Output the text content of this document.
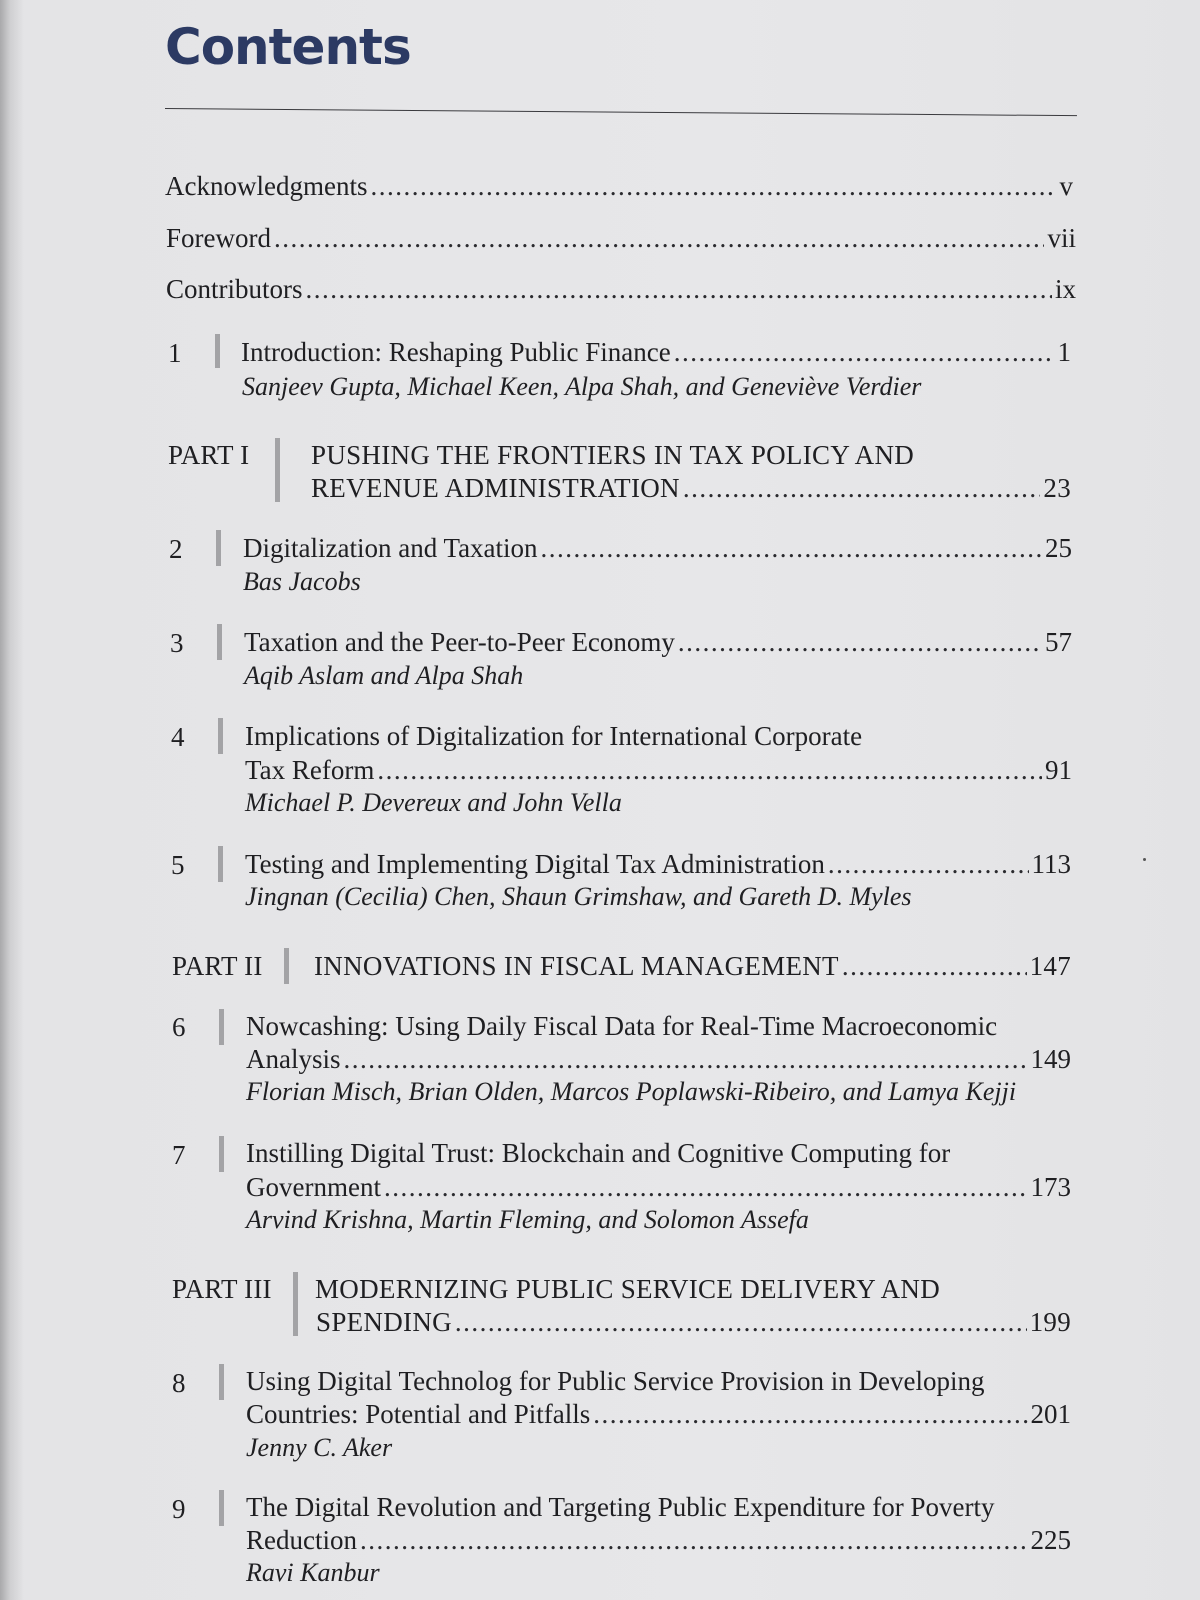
Contents
Acknowledgments .....	v
Foreword .....	vii
Contributors .....	ix
1 Introduction: Reshaping Public Finance .....	1
Sanjeev Gupta, Michael Keen, Alpa Shah, and Geneviève Verdier
PART I PUSHING THE FRONTIERS IN TAX POLICY AND
REVENUE ADMINISTRATION .....	23
2 Digitalization and Taxation .....	25
Bas Jacobs
3 Taxation and the Peer-to-Peer Economy .....	57
Aqib Aslam and Alpa Shah
4 Implications of Digitalization for International Corporate
Tax Reform .....	91
Michael P. Devereux and John Vella
5 Testing and Implementing Digital Tax Administration .....	113
Jingnan (Cecilia) Chen, Shaun Grimshaw, and Gareth D. Myles
PART II INNOVATIONS IN FISCAL MANAGEMENT .....	147
6 Nowcashing: Using Daily Fiscal Data for Real-Time Macroeconomic
Analysis .....	149
Florian Misch, Brian Olden, Marcos Poplawski-Ribeiro, and Lamya Kejji
7 Instilling Digital Trust: Blockchain and Cognitive Computing for
Government .....	173
Arvind Krishna, Martin Fleming, and Solomon Assefa
PART III MODERNIZING PUBLIC SERVICE DELIVERY AND
SPENDING .....	199
8 Using Digital Technolog for Public Service Provision in Developing
Countries: Potential and Pitfalls .....	201
Jenny C. Aker
9 The Digital Revolution and Targeting Public Expenditure for Poverty
Reduction .....	225
Ravi Kanbur
